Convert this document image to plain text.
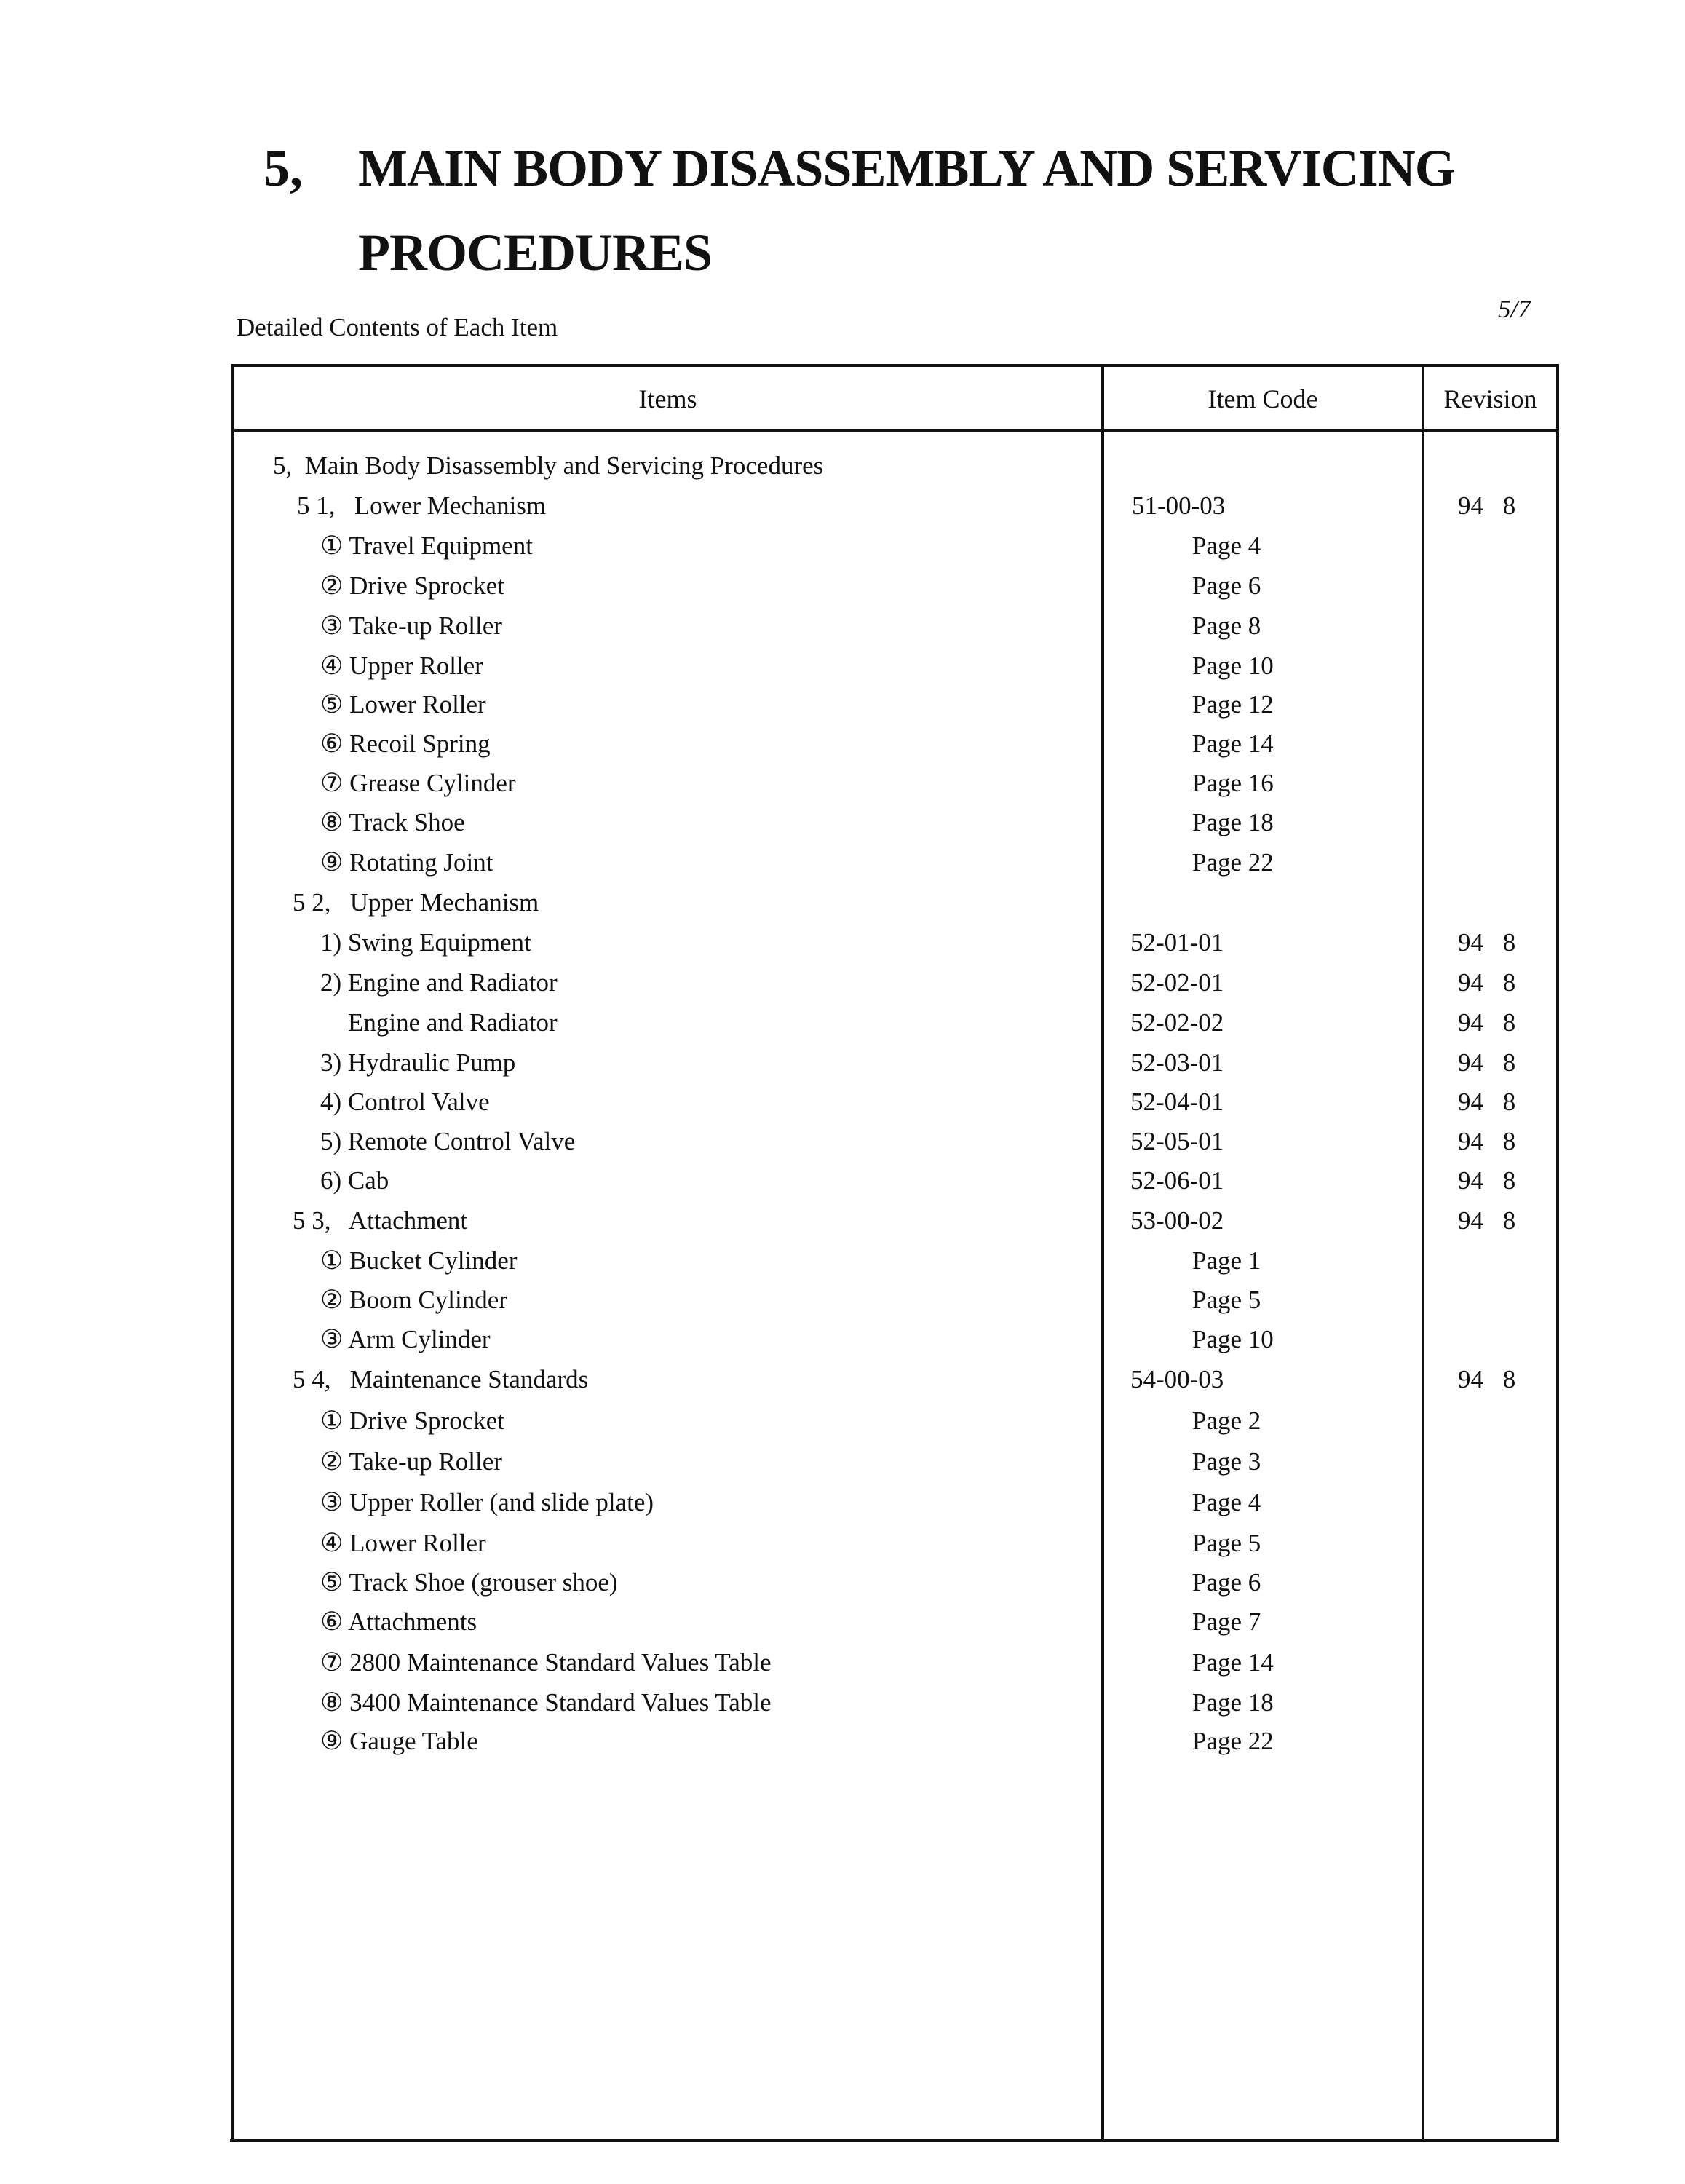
5, MAIN BODY DISASSEMBLY AND SERVICING
PROCEDURES
Detailed Contents of Each Item
5/7
Items	Item Code	Revision
5,  Main Body Disassembly and Servicing Procedures
5 1,   Lower Mechanism	51-00-03	94 8
① Travel Equipment	Page 4
② Drive Sprocket	Page 6
③ Take-up Roller	Page 8
④ Upper Roller	Page 10
⑤ Lower Roller	Page 12
⑥ Recoil Spring	Page 14
⑦ Grease Cylinder	Page 16
⑧ Track Shoe	Page 18
⑨ Rotating Joint	Page 22
5 2,   Upper Mechanism
1) Swing Equipment	52-01-01	94 8
2) Engine and Radiator	52-02-01	94 8
Engine and Radiator	52-02-02	94 8
3) Hydraulic Pump	52-03-01	94 8
4) Control Valve	52-04-01	94 8
5) Remote Control Valve	52-05-01	94 8
6) Cab	52-06-01	94 8
5 3,   Attachment	53-00-02	94 8
① Bucket Cylinder	Page 1
② Boom Cylinder	Page 5
③ Arm Cylinder	Page 10
5 4,   Maintenance Standards	54-00-03	94 8
① Drive Sprocket	Page 2
② Take-up Roller	Page 3
③ Upper Roller (and slide plate)	Page 4
④ Lower Roller	Page 5
⑤ Track Shoe (grouser shoe)	Page 6
⑥ Attachments	Page 7
⑦ 2800 Maintenance Standard Values Table	Page 14
⑧ 3400 Maintenance Standard Values Table	Page 18
⑨ Gauge Table	Page 22
